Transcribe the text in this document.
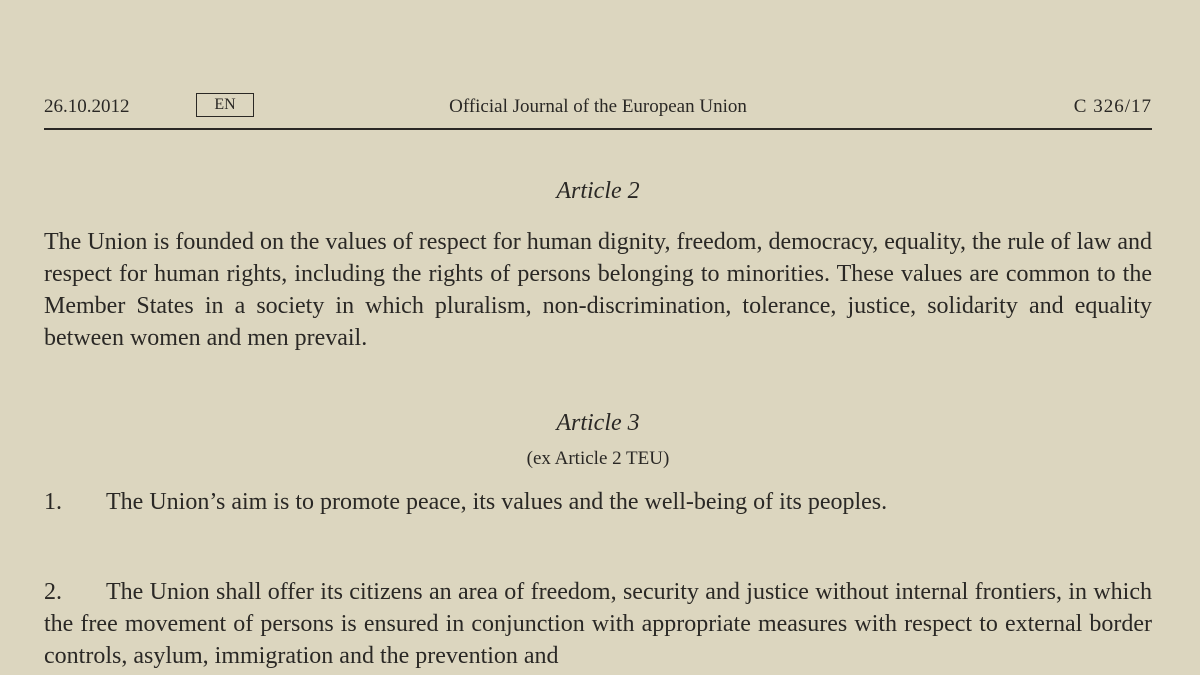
26.10.2012	EN	Official Journal of the European Union	C 326/17
Article 2

The Union is founded on the values of respect for human dignity, freedom, democracy, equality, the rule of law and respect for human rights, including the rights of persons belonging to minorities. These values are common to the Member States in a society in which pluralism, non-discrimination, tolerance, justice, solidarity and equality between women and men prevail.

Article 3
(ex Article 2 TEU)

1. The Union’s aim is to promote peace, its values and the well-being of its peoples.

2. The Union shall offer its citizens an area of freedom, security and justice without internal frontiers, in which the free movement of persons is ensured in conjunction with appropriate measures with respect to external border controls, asylum, immigration and the prevention and
